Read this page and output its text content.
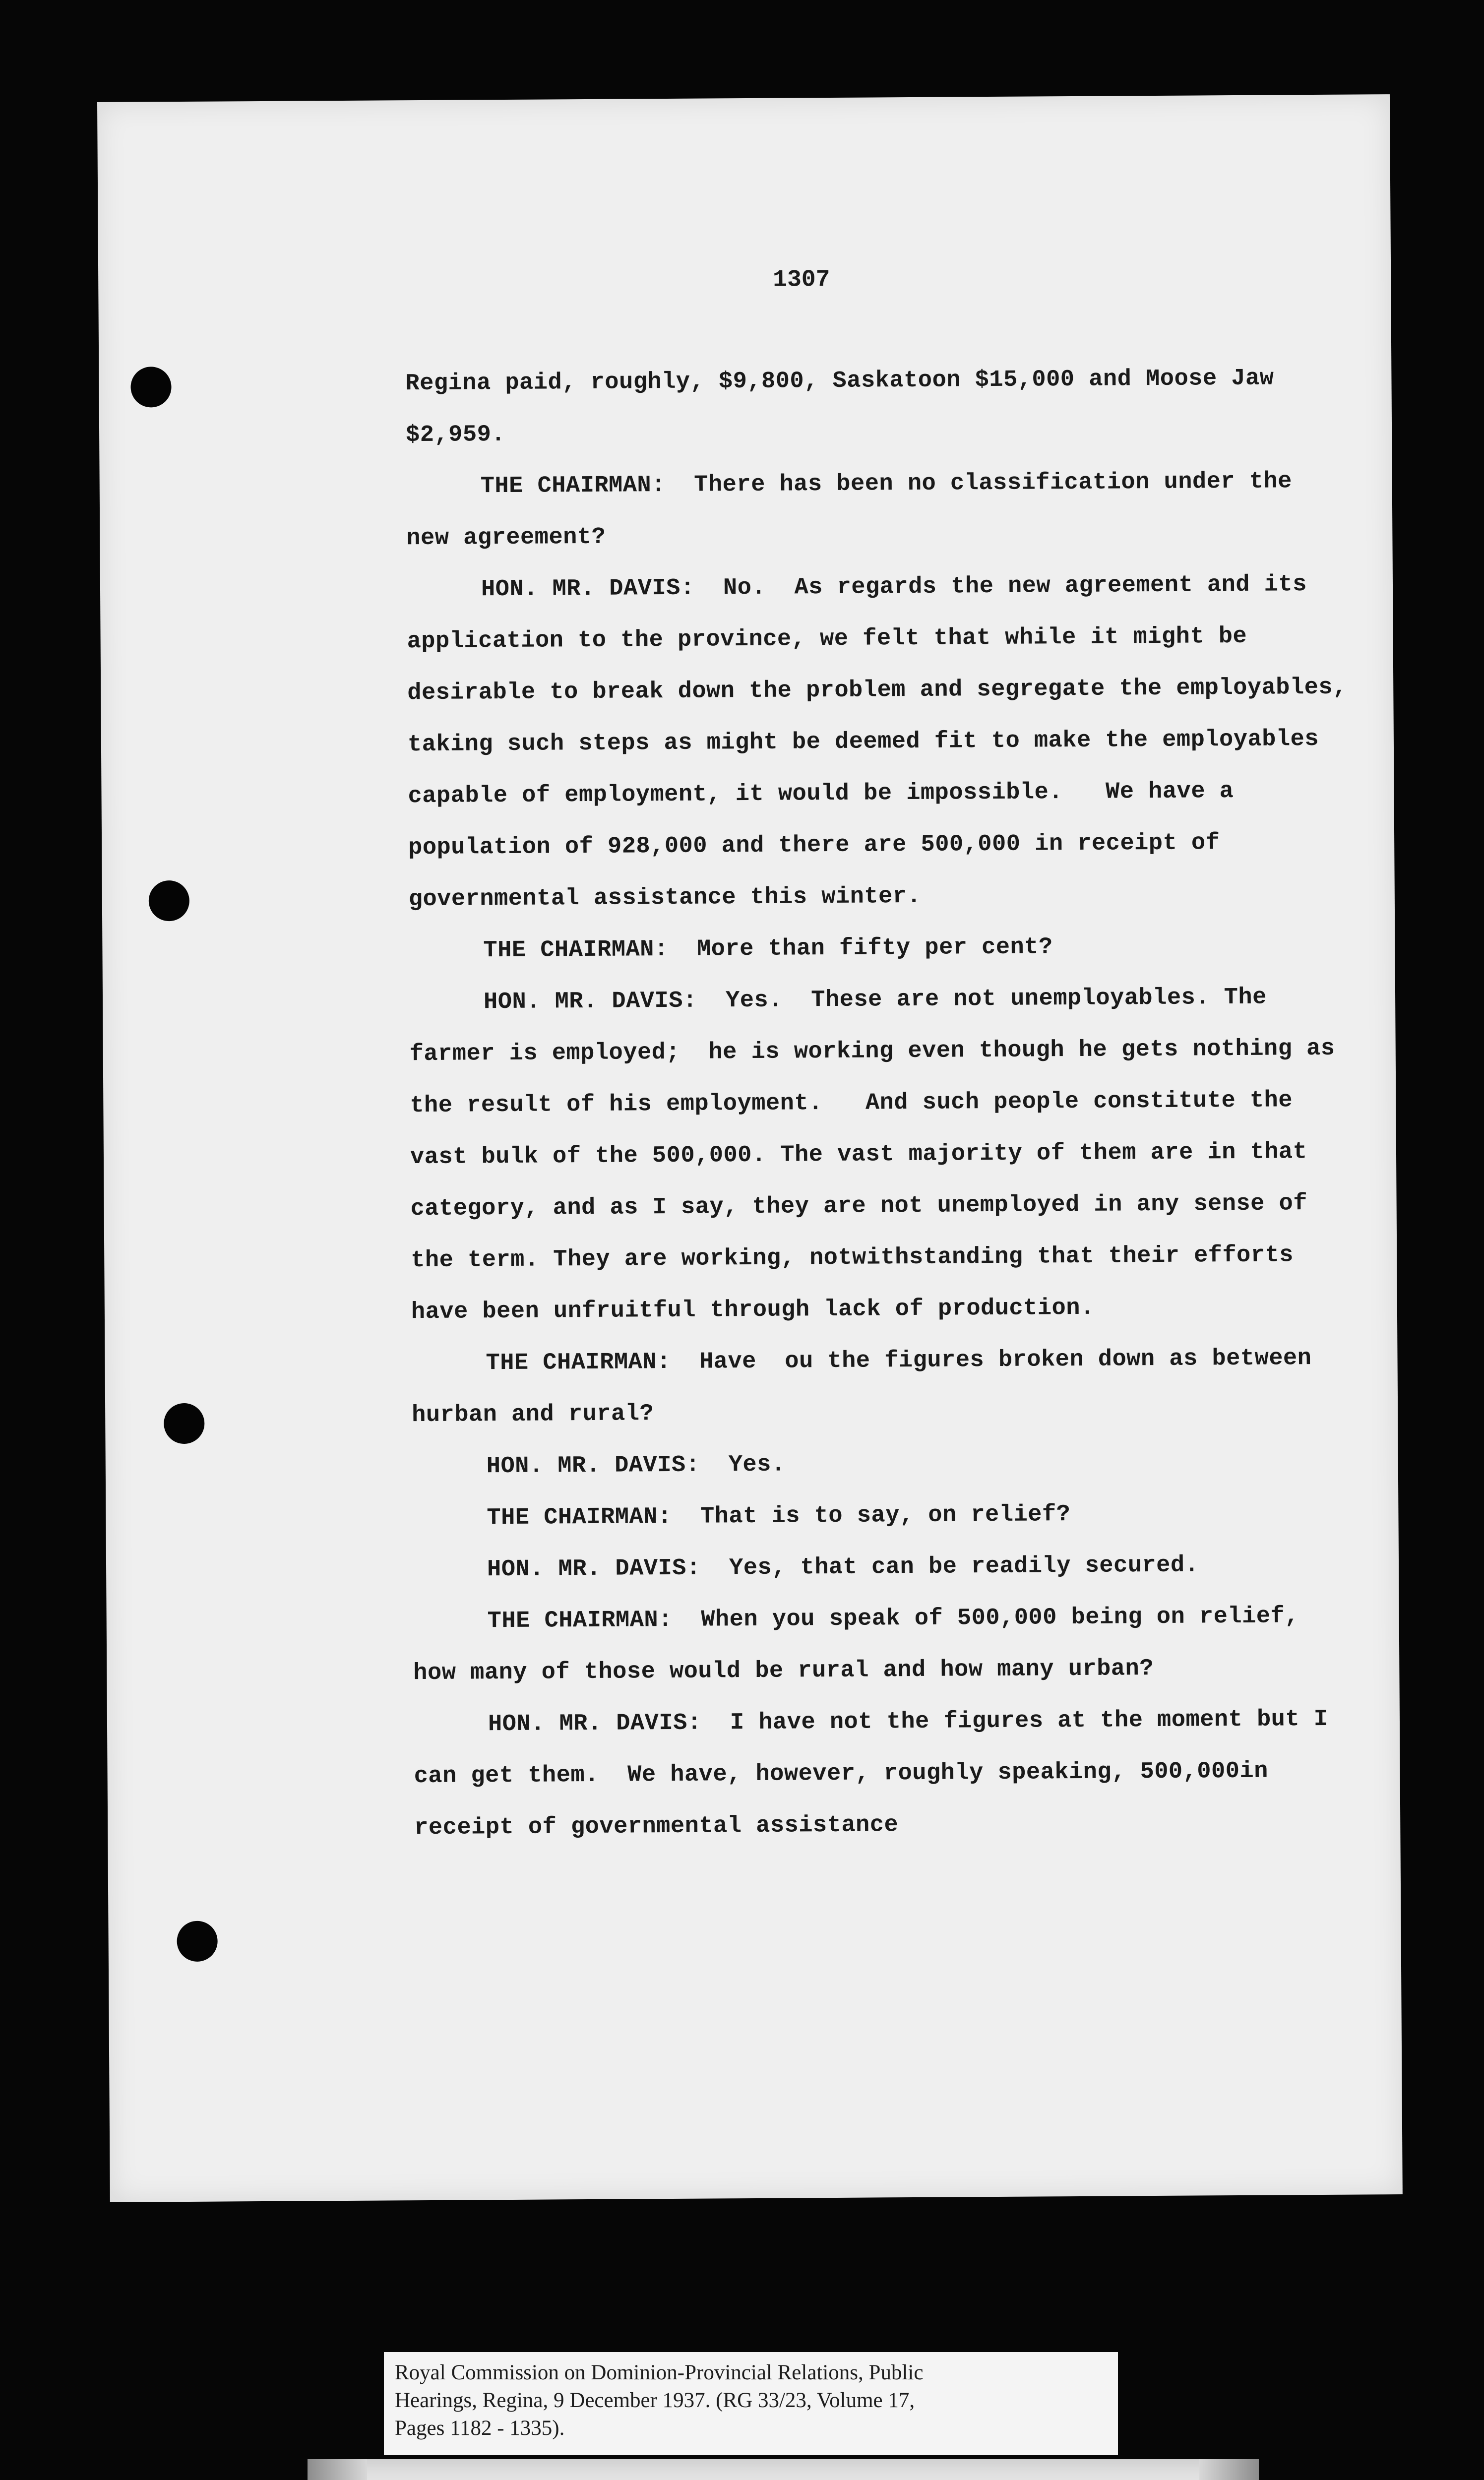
1307

Regina paid, roughly, $9,800, Saskatoon $15,000 and Moose Jaw $2,959.

THE CHAIRMAN:  There has been no classification under the new agreement?

HON. MR. DAVIS:  No.  As regards the new agreement and its application to the province, we felt that while it might be desirable to break down the problem and segregate the employables, taking such steps as might be deemed fit to make the employables capable of employment, it would be impossible.   We have a population of 928,000 and there are 500,000 in receipt of governmental assistance this winter.

THE CHAIRMAN:  More than fifty per cent?

HON. MR. DAVIS:  Yes.  These are not unemployables. The farmer is employed;  he is working even though he gets nothing as the result of his employment.   And such people constitute the vast bulk of the 500,000. The vast majority of them are in that category, and as I say, they are not unemployed in any sense of the term. They are working, notwithstanding that their efforts have been unfruitful through lack of production.

THE CHAIRMAN:  Have  ou the figures broken down as between hurban and rural?

HON. MR. DAVIS:  Yes.

THE CHAIRMAN:  That is to say, on relief?

HON. MR. DAVIS:  Yes, that can be readily secured.

THE CHAIRMAN:  When you speak of 500,000 being on relief, how many of those would be rural and how many urban?

HON. MR. DAVIS:  I have not the figures at the moment but I can get them.  We have, however, roughly speaking, 500,000in receipt of governmental assistance

Royal Commission on Dominion-Provincial Relations, Public
Hearings, Regina, 9 December 1937. (RG 33/23, Volume 17,
Pages 1182 - 1335).
